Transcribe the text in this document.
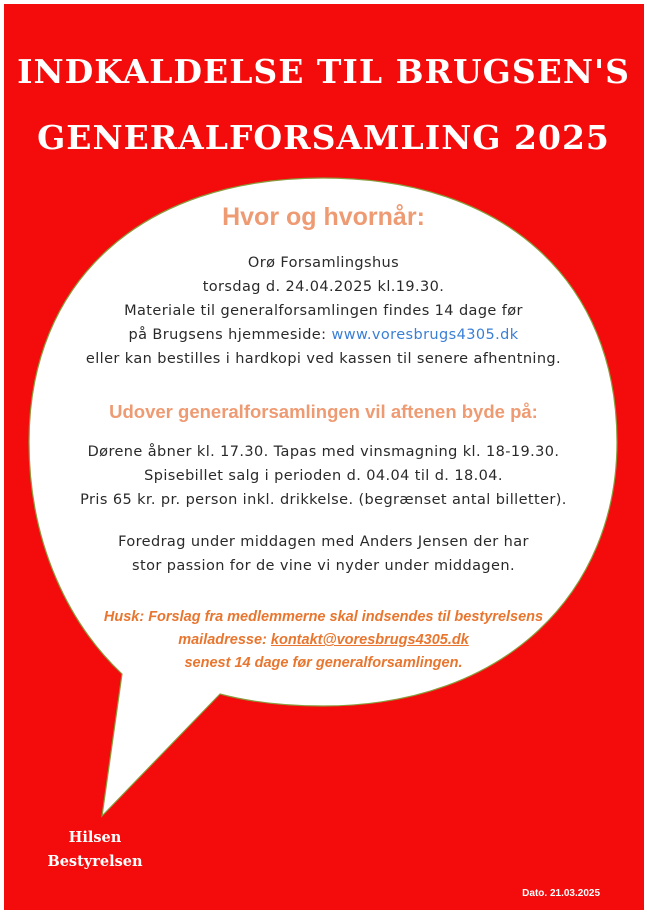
INDKALDELSE TIL BRUGSEN'S
GENERALFORSAMLING 2025
Hvor og hvornår:

Orø Forsamlingshus

torsdag d. 24.04.2025 kl.19.30.

Materiale til generalforsamlingen findes 14 dage før

på Brugsens hjemmeside: www.voresbrugs4305.dk

eller kan bestilles i hardkopi ved kassen til senere afhentning.

Udover generalforsamlingen vil aftenen byde på:

Dørene åbner kl. 17.30. Tapas med vinsmagning kl. 18-19.30.

Spisebillet salg i perioden d. 04.04 til d. 18.04.

Pris 65 kr. pr. person inkl. drikkelse. (begrænset antal billetter).

Foredrag under middagen med Anders Jensen der har

stor passion for de vine vi nyder under middagen.

Husk: Forslag fra medlemmerne skal indsendes til bestyrelsens

mailadresse: kontakt@voresbrugs4305.dk

senest 14 dage før generalforsamlingen.

Hilsen

Bestyrelsen

Dato. 21.03.2025
